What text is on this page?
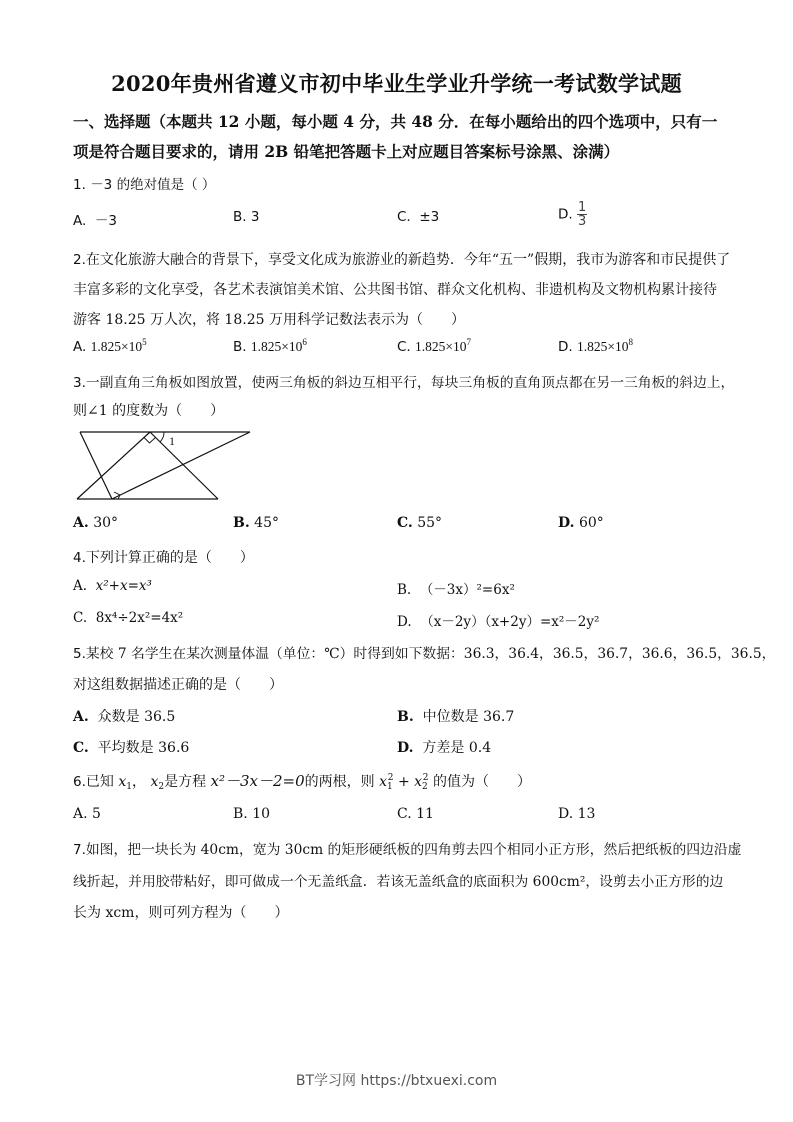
2020年贵州省遵义市初中毕业生学业升学统一考试数学试题
一、选择题（本题共 12 小题，每小题 4 分，共 48 分．在每小题给出的四个选项中，只有一
项是符合题目要求的，请用 2B 铅笔把答题卡上对应题目答案标号涂黑、涂满）
1. －3 的绝对值是（ ）
A. －3	B. 3	C. ±3	D. $\frac{1}{3}$
2.在文化旅游大融合的背景下，享受文化成为旅游业的新趋势．今年“五一”假期，我市为游客和市民提供了
丰富多彩的文化享受，各艺术表演馆美术馆、公共图书馆、群众文化机构、非遗机构及文物机构累计接待
游客 18.25 万人次，将 18.25 万用科学记数法表示为（　　）
A. $1.825\times 10^5$	B. $1.825\times 10^6$	C. $1.825\times 10^7$	D. $1.825\times 10^8$
3.一副直角三角板如图放置，使两三角板的斜边互相平行，每块三角板的直角顶点都在另一三角板的斜边上，
则∠1 的度数为（　　）
1
A. 30°	B. 45°	C. 55°	D. 60°
4.下列计算正确的是（　　）
A. x²+x=x³	B. （－3x）²=6x²
C. 8x⁴÷2x²=4x²	D. （x－2y）（x+2y）=x²－2y²
5.某校 7 名学生在某次测量体温（单位：℃）时得到如下数据：36.3，36.4，36.5，36.7，36.6，36.5，36.5，
对这组数据描述正确的是（　　）
A. 众数是 36.5	B. 中位数是 36.7
C. 平均数是 36.6	D. 方差是 0.4
6.已知 $x_1$， $x_2$是方程 x²－3x－2=0的两根，则 $x_1^2 + x_2^2$ 的值为（　　）
A. 5	B. 10	C. 11	D. 13
7.如图，把一块长为 40cm，宽为 30cm 的矩形硬纸板的四角剪去四个相同小正方形，然后把纸板的四边沿虚
线折起，并用胶带粘好，即可做成一个无盖纸盒．若该无盖纸盒的底面积为 600cm²，设剪去小正方形的边
长为 xcm，则可列方程为（　　）
BT学习网 https://btxuexi.com
